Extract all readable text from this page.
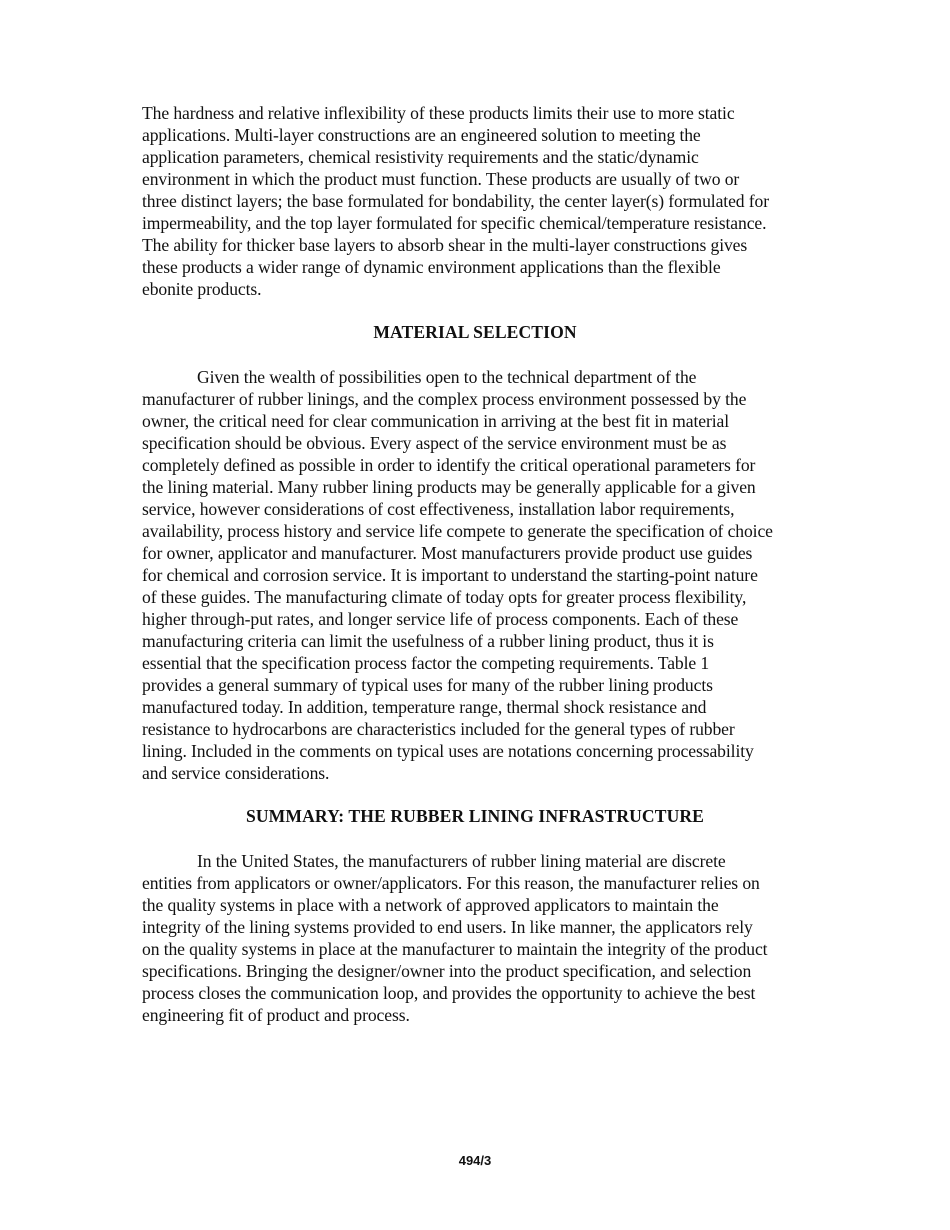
The hardness and relative inflexibility of these products limits their use to more static

applications. Multi-layer constructions are an engineered solution to meeting the

application parameters, chemical resistivity requirements and the static/dynamic

environment in which the product must function. These products are usually of two or

three distinct layers; the base formulated for bondability, the center layer(s) formulated for

impermeability, and the top layer formulated for specific chemical/temperature resistance.

The ability for thicker base layers to absorb shear in the multi-layer constructions gives

these products a wider range of dynamic environment applications than the flexible

ebonite products.

MATERIAL SELECTION

Given the wealth of possibilities open to the technical department of the

manufacturer of rubber linings, and the complex process environment possessed by the

owner, the critical need for clear communication in arriving at the best fit in material

specification should be obvious. Every aspect of the service environment must be as

completely defined as possible in order to identify the critical operational parameters for

the lining material. Many rubber lining products may be generally applicable for a given

service, however considerations of cost effectiveness, installation labor requirements,

availability, process history and service life compete to generate the specification of choice

for owner, applicator and manufacturer. Most manufacturers provide product use guides

for chemical and corrosion service. It is important to understand the starting-point nature

of these guides. The manufacturing climate of today opts for greater process flexibility,

higher through-put rates, and longer service life of process components. Each of these

manufacturing criteria can limit the usefulness of a rubber lining product, thus it is

essential that the specification process factor the competing requirements. Table 1

provides a general summary of typical uses for many of the rubber lining products

manufactured today. In addition, temperature range, thermal shock resistance and

resistance to hydrocarbons are characteristics included for the general types of rubber

lining. Included in the comments on typical uses are notations concerning processability

and service considerations.

SUMMARY: THE RUBBER LINING INFRASTRUCTURE

In the United States, the manufacturers of rubber lining material are discrete

entities from applicators or owner/applicators. For this reason, the manufacturer relies on

the quality systems in place with a network of approved applicators to maintain the

integrity of the lining systems provided to end users. In like manner, the applicators rely

on the quality systems in place at the manufacturer to maintain the integrity of the product

specifications. Bringing the designer/owner into the product specification, and selection

process closes the communication loop, and provides the opportunity to achieve the best

engineering fit of product and process.

494/3
